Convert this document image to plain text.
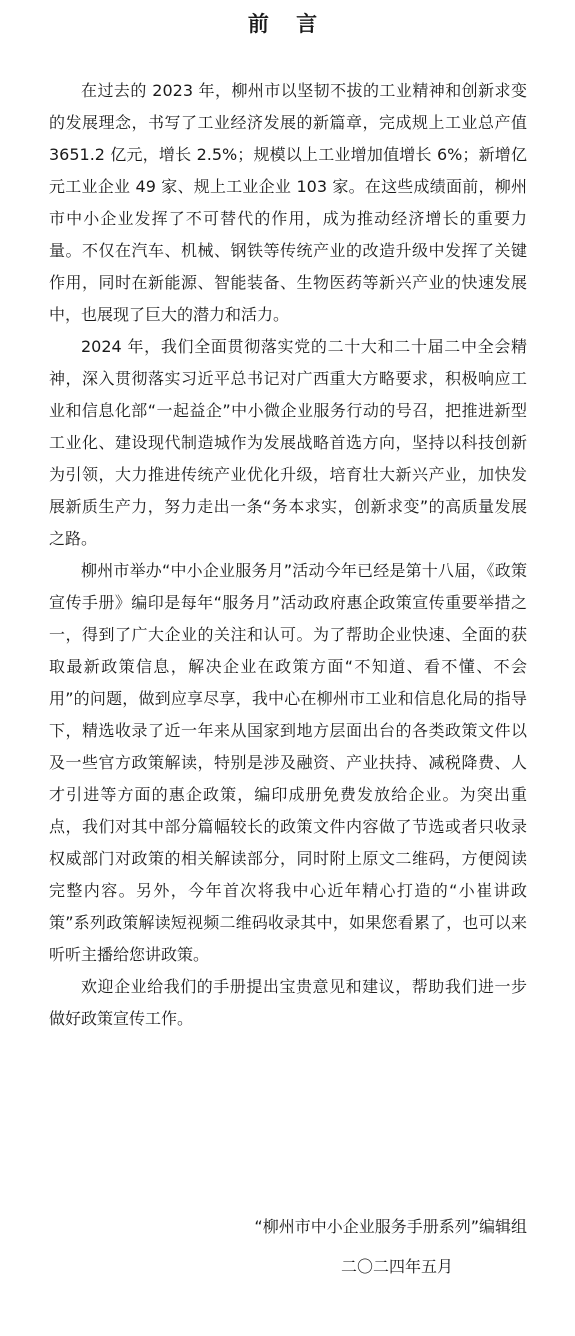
前 言

在过去的 2023 年，柳州市以坚韧不拔的工业精神和创新求变的发展理念，书写了工业经济发展的新篇章，完成规上工业总产值 3651.2 亿元，增长 2.5%；规模以上工业增加值增长 6%；新增亿元工业企业 49 家、规上工业企业 103 家。在这些成绩面前，柳州市中小企业发挥了不可替代的作用，成为推动经济增长的重要力量。不仅在汽车、机械、钢铁等传统产业的改造升级中发挥了关键作用，同时在新能源、智能装备、生物医药等新兴产业的快速发展中，也展现了巨大的潜力和活力。

2024 年，我们全面贯彻落实党的二十大和二十届二中全会精神，深入贯彻落实习近平总书记对广西重大方略要求，积极响应工业和信息化部“一起益企”中小微企业服务行动的号召，把推进新型工业化、建设现代制造城作为发展战略首选方向，坚持以科技创新为引领，大力推进传统产业优化升级，培育壮大新兴产业，加快发展新质生产力，努力走出一条“务本求实，创新求变”的高质量发展之路。

柳州市举办“中小企业服务月”活动今年已经是第十八届，《政策宣传手册》编印是每年“服务月”活动政府惠企政策宣传重要举措之一，得到了广大企业的关注和认可。为了帮助企业快速、全面的获取最新政策信息，解决企业在政策方面“不知道、看不懂、不会用”的问题，做到应享尽享，我中心在柳州市工业和信息化局的指导下，精选收录了近一年来从国家到地方层面出台的各类政策文件以及一些官方政策解读，特别是涉及融资、产业扶持、减税降费、人才引进等方面的惠企政策，编印成册免费发放给企业。为突出重点，我们对其中部分篇幅较长的政策文件内容做了节选或者只收录权威部门对政策的相关解读部分，同时附上原文二维码，方便阅读完整内容。另外，今年首次将我中心近年精心打造的“小崔讲政策”系列政策解读短视频二维码收录其中，如果您看累了，也可以来听听主播给您讲政策。

欢迎企业给我们的手册提出宝贵意见和建议，帮助我们进一步做好政策宣传工作。

“柳州市中小企业服务手册系列”编辑组
二〇二四年五月
